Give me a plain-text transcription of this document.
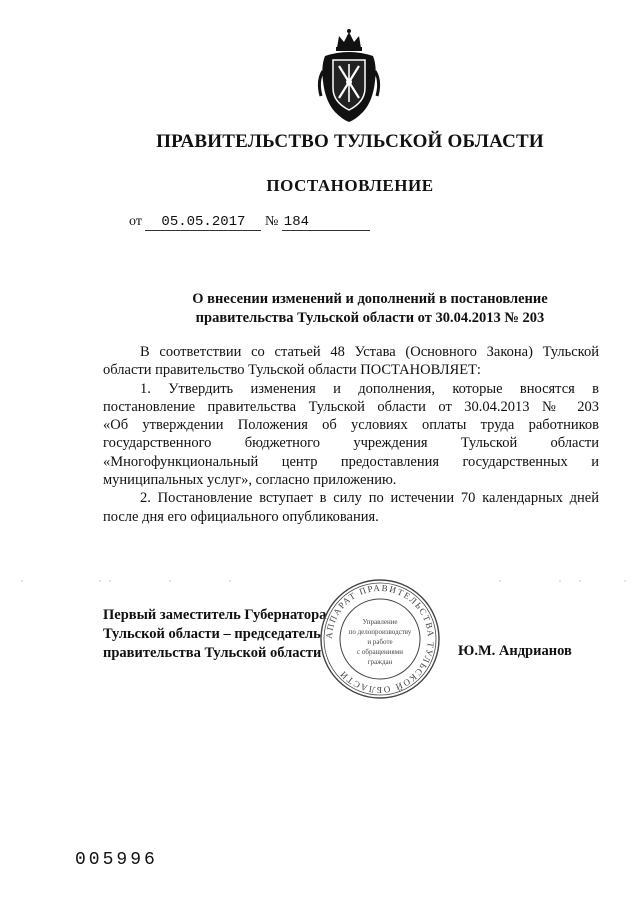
ПРАВИТЕЛЬСТВО ТУЛЬСКОЙ ОБЛАСТИ
ПОСТАНОВЛЕНИЕ
от 05.05.2017 № 184
О внесении изменений и дополнений в постановление
правительства Тульской области от 30.04.2013 № 203

В соответствии со статьей 48 Устава (Основного Закона) Тульской

области правительство Тульской области ПОСТАНОВЛЯЕТ:

1. Утвердить изменения и дополнения, которые вносятся в

постановление правительства Тульской области от 30.04.2013 № 203

«Об утверждении Положения об условиях оплаты труда работников

государственного бюджетного учреждения Тульской области

«Многофункциональный центр предоставления государственных и

муниципальных услуг», согласно приложению.

2. Постановление вступает в силу по истечении 70 календарных дней

после дня его официального опубликования.

Первый заместитель Губернатора
Тульской области – председатель
правительства Тульской области
АППАРАТ ПРАВИТЕЛЬСТВА ТУЛЬСКОЙ ОБЛАСТИ
Управление
по делопроизводству
и работе
с обращениями
граждан
Ю.М. Андрианов
005996
